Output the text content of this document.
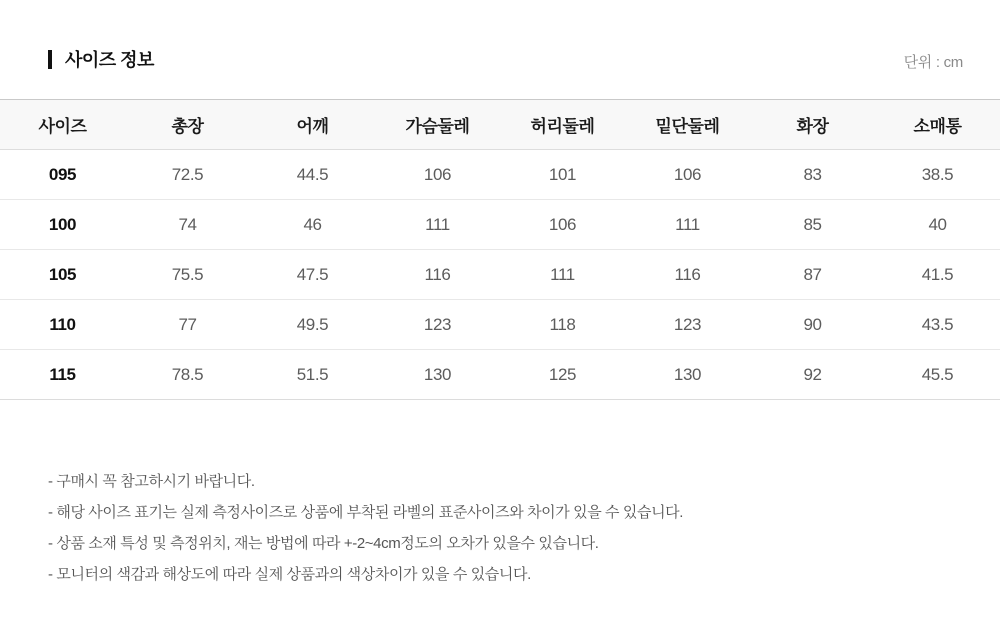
사이즈 정보	단위 : cm
사이즈	총장	어깨	가슴둘레	허리둘레	밑단둘레	화장	소매통
095	72.5	44.5	106	101	106	83	38.5
100	74	46	111	106	111	85	40
105	75.5	47.5	116	111	116	87	41.5
110	77	49.5	123	118	123	90	43.5
115	78.5	51.5	130	125	130	92	45.5
- 구매시 꼭 참고하시기 바랍니다.
- 해당 사이즈 표기는 실제 측정사이즈로 상품에 부착된 라벨의 표준사이즈와 차이가 있을 수 있습니다.
- 상품 소재 특성 및 측정위치, 재는 방법에 따라 +-2~4cm정도의 오차가 있을수 있습니다.
- 모니터의 색감과 해상도에 따라 실제 상품과의 색상차이가 있을 수 있습니다.
